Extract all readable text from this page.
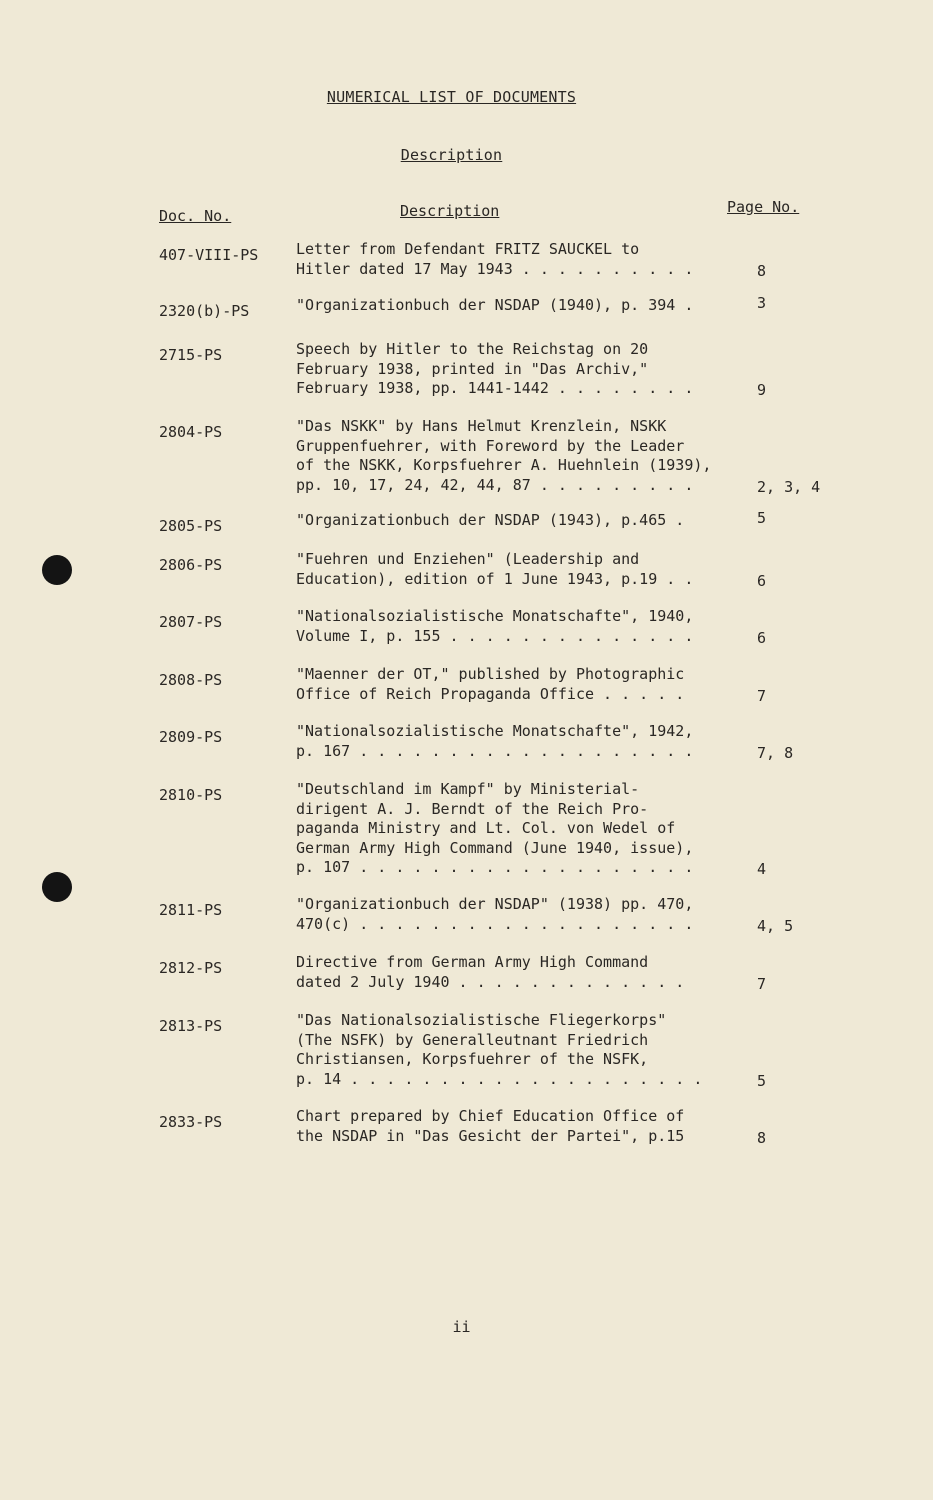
NUMERICAL LIST OF DOCUMENTS
Description
Doc. No.	Description	Page No.
407-VIII-PS	Letter from Defendant FRITZ SAUCKEL to
Hitler dated 17 May 1943 . . . . . . . . . .	8
2320(b)-PS	"Organizationbuch der NSDAP (1940), p. 394 .	3
2715-PS	Speech by Hitler to the Reichstag on 20
February 1938, printed in "Das Archiv,"
February 1938, pp. 1441-1442 . . . . . . . .	9
2804-PS	"Das NSKK" by Hans Helmut Krenzlein, NSKK
Gruppenfuehrer, with Foreword by the Leader
of the NSKK, Korpsfuehrer A. Huehnlein (1939),
pp. 10, 17, 24, 42, 44, 87 . . . . . . . . .	2, 3, 4
2805-PS	"Organizationbuch der NSDAP (1943), p.465 .	5
2806-PS	"Fuehren und Enziehen" (Leadership and
Education), edition of 1 June 1943, p.19 . .	6
2807-PS	"Nationalsozialistische Monatschafte", 1940,
Volume I, p. 155 . . . . . . . . . . . . . .	6
2808-PS	"Maenner der OT," published by Photographic
Office of Reich Propaganda Office . . . . .	7
2809-PS	"Nationalsozialistische Monatschafte", 1942,
p. 167 . . . . . . . . . . . . . . . . . . .	7, 8
2810-PS	"Deutschland im Kampf" by Ministerial-
dirigent A. J. Berndt of the Reich Pro-
paganda Ministry and Lt. Col. von Wedel of
German Army High Command (June 1940, issue),
p. 107 . . . . . . . . . . . . . . . . . . .	4
2811-PS	"Organizationbuch der NSDAP" (1938) pp. 470,
470(c) . . . . . . . . . . . . . . . . . . .	4, 5
2812-PS	Directive from German Army High Command
dated 2 July 1940 . . . . . . . . . . . . .	7
2813-PS	"Das Nationalsozialistische Fliegerkorps"
(The NSFK) by Generalleutnant Friedrich
Christiansen, Korpsfuehrer of the NSFK,
p. 14 . . . . . . . . . . . . . . . . . . . .	5
2833-PS	Chart prepared by Chief Education Office of
the NSDAP in "Das Gesicht der Partei", p.15	8
ii
